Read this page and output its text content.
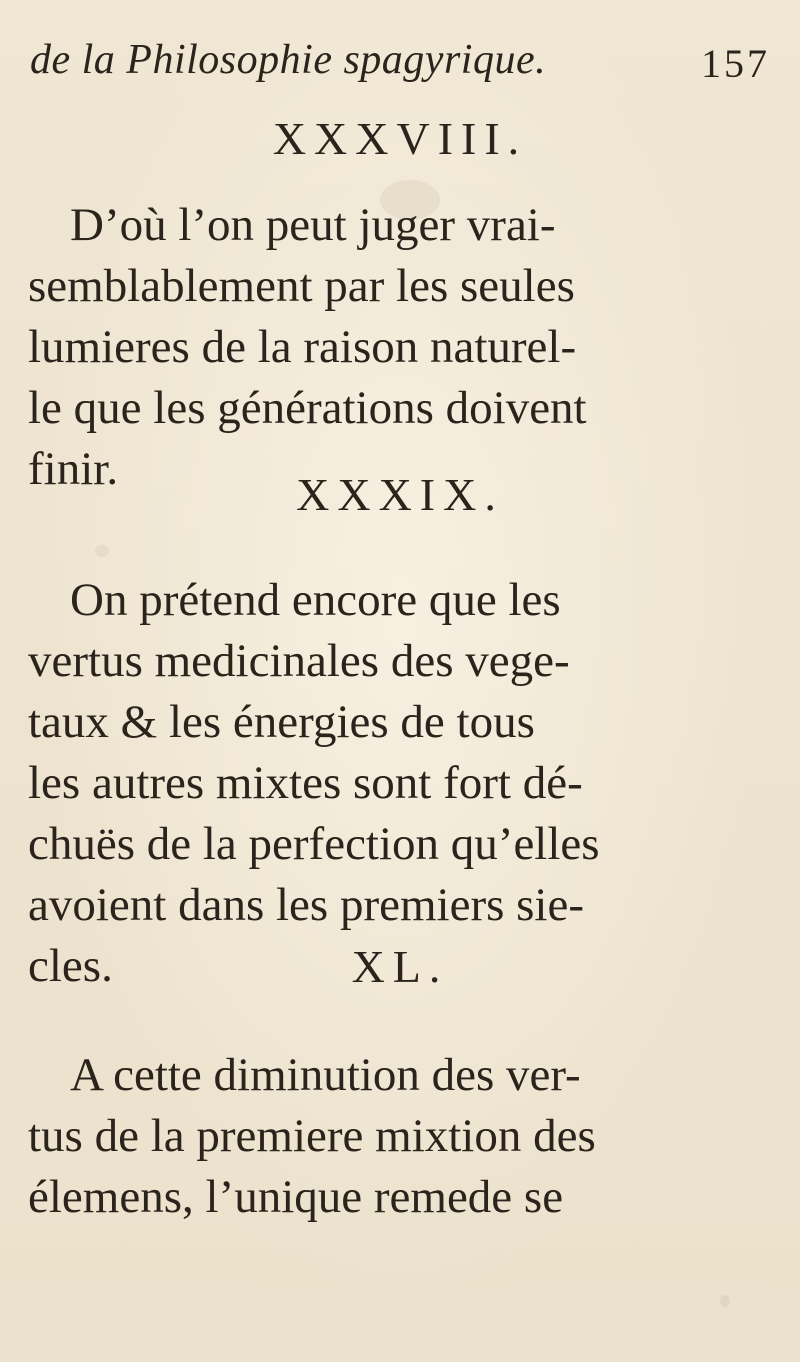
de la Philosophie spagyrique.	157
XXXVIII.

D’où l’on peut juger vrai-
semblablement par les seules
lumieres de la raison naturel-
le que les générations doivent
finir.	XXXIX.

On prétend encore que les
vertus medicinales des vege-
taux & les énergies de tous
les autres mixtes sont fort dé-
chuës de la perfection qu’elles
avoient dans les premiers sie-
cles.	XL.

A cette diminution des ver-
tus de la premiere mixtion des
élemens, l’unique remede se
